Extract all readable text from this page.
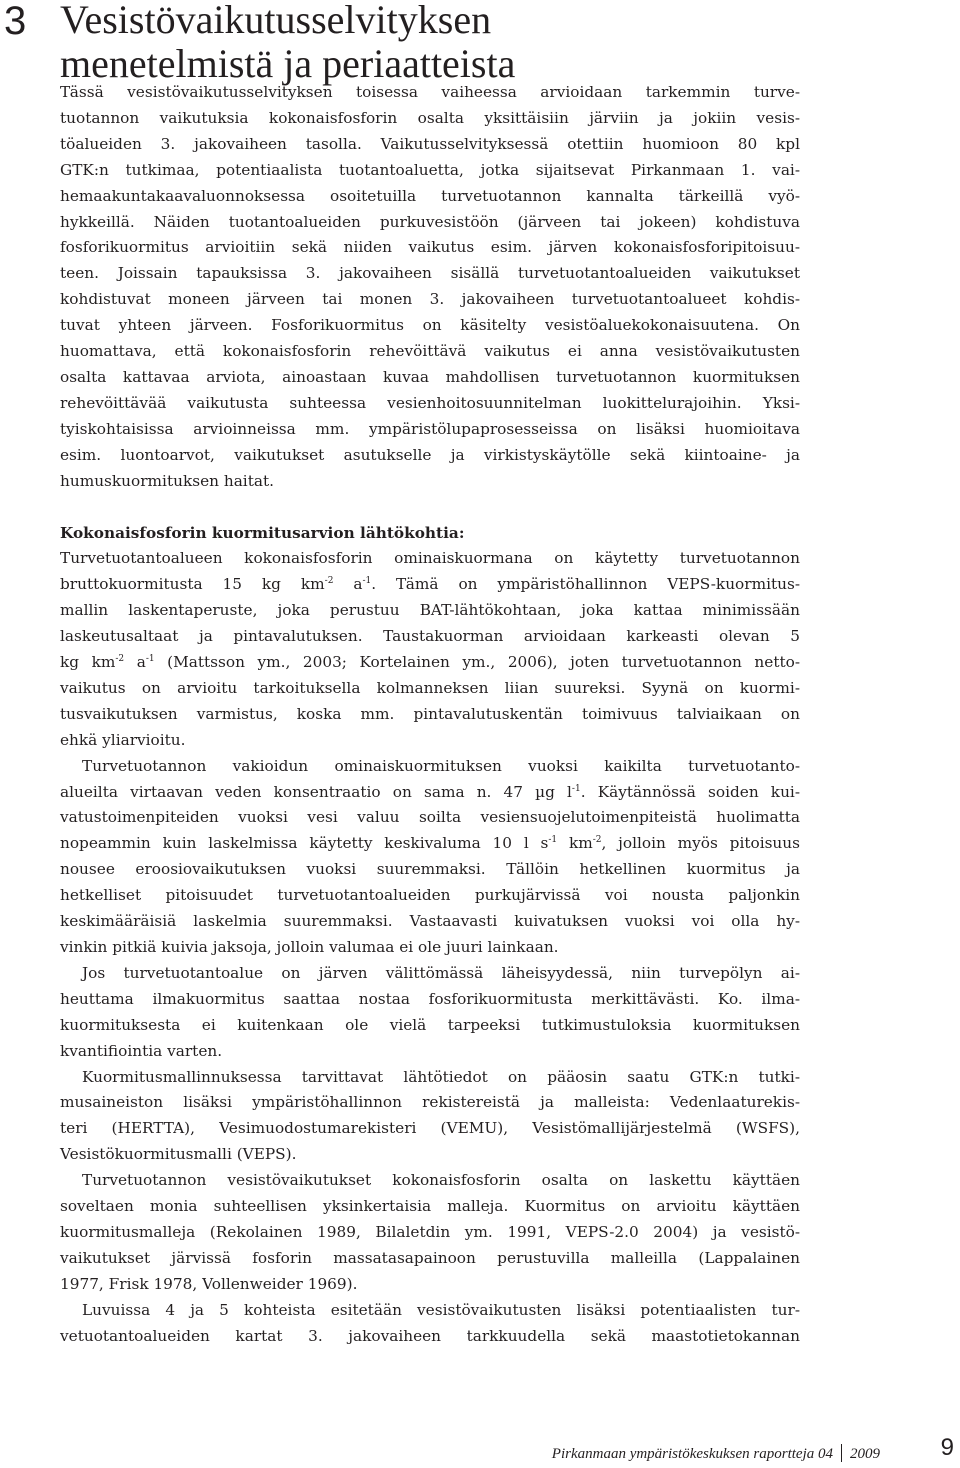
3 Vesistövaikutusselvityksen
menetelmistä ja periaatteista

Tässä vesistövaikutusselvityksen toisessa vaiheessa arvioidaan tarkemmin turve-
tuotannon vaikutuksia kokonaisfosforin osalta yksittäisiin järviin ja jokiin vesis-
töalueiden 3. jakovaiheen tasolla. Vaikutusselvityksessä otettiin huomioon 80 kpl
GTK:n tutkimaa, potentiaalista tuotantoaluetta, jotka sijaitsevat Pirkanmaan 1. vai-
hemaakuntakaavaluonnoksessa osoitetuilla turvetuotannon kannalta tärkeillä vyö-
hykkeillä. Näiden tuotantoalueiden purkuvesistöön (järveen tai jokeen) kohdistuva
fosforikuormitus arvioitiin sekä niiden vaikutus esim. järven kokonaisfosforipitoisuu-
teen. Joissain tapauksissa 3. jakovaiheen sisällä turvetuotantoalueiden vaikutukset
kohdistuvat moneen järveen tai monen 3. jakovaiheen turvetuotantoalueet kohdis-
tuvat yhteen järveen. Fosforikuormitus on käsitelty vesistöaluekokonaisuutena. On
huomattava, että kokonaisfosforin rehevöittävä vaikutus ei anna vesistövaikutusten
osalta kattavaa arviota, ainoastaan kuvaa mahdollisen turvetuotannon kuormituksen
rehevöittävää vaikutusta suhteessa vesienhoitosuunnitelman luokittelurajoihin. Yksi-
tyiskohtaisissa arvioinneissa mm. ympäristölupaprosesseissa on lisäksi huomioitava
esim. luontoarvot, vaikutukset asutukselle ja virkistyskäytölle sekä kiintoaine- ja
humuskuormituksen haitat.

Kokonaisfosforin kuormitusarvion lähtökohtia:

Turvetuotantoalueen kokonaisfosforin ominaiskuormana on käytetty turvetuotannon
bruttokuormitusta 15 kg $km^{-2}$ $a^{-1}$. Tämä on ympäristöhallinnon VEPS-kuormitus-
mallin laskentaperuste, joka perustuu BAT-lähtökohtaan, joka kattaa minimissään
laskeutusaltaat ja pintavalutuksen. Taustakuorman arvioidaan karkeasti olevan 5
kg $km^{-2}$ $a^{-1}$ (Mattsson ym., 2003; Kortelainen ym., 2006), joten turvetuotannon netto-
vaikutus on arvioitu tarkoituksella kolmanneksen liian suureksi. Syynä on kuormi-
tusvaikutuksen varmistus, koska mm. pintavalutuskentän toimivuus talviaikaan on
ehkä yliarvioitu.

Turvetuotannon vakioidun ominaiskuormituksen vuoksi kaikilta turvetuotanto-
alueilta virtaavan veden konsentraatio on sama n. 47 µg $l^{-1}$. Käytännössä soiden kui-
vatustoimenpiteiden vuoksi vesi valuu soilta vesiensuojelutoimenpiteistä huolimatta
nopeammin kuin laskelmissa käytetty keskivaluma 10 l $s^{-1}$ $km^{-2}$, jolloin myös pitoisuus
nousee eroosiovaikutuksen vuoksi suuremmaksi. Tällöin hetkellinen kuormitus ja
hetkelliset pitoisuudet turvetuotantoalueiden purkujärvissä voi nousta paljonkin
keskimääräisiä laskelmia suuremmaksi. Vastaavasti kuivatuksen vuoksi voi olla hy-
vinkin pitkiä kuivia jaksoja, jolloin valumaa ei ole juuri lainkaan.

Jos turvetuotantoalue on järven välittömässä läheisyydessä, niin turvepölyn ai-
heuttama ilmakuormitus saattaa nostaa fosforikuormitusta merkittävästi. Ko. ilma-
kuormituksesta ei kuitenkaan ole vielä tarpeeksi tutkimustuloksia kuormituksen
kvantifiointia varten.

Kuormitusmallinnuksessa tarvittavat lähtötiedot on pääosin saatu GTK:n tutki-
musaineiston lisäksi ympäristöhallinnon rekistereistä ja malleista: Vedenlaaturekis-
teri (HERTTA), Vesimuodostumarekisteri (VEMU), Vesistömallijärjestelmä (WSFS),
Vesistökuormitusmalli (VEPS).

Turvetuotannon vesistövaikutukset kokonaisfosforin osalta on laskettu käyttäen
soveltaen monia suhteellisen yksinkertaisia malleja. Kuormitus on arvioitu käyttäen
kuormitusmalleja (Rekolainen 1989, Bilaletdin ym. 1991, VEPS-2.0 2004) ja vesistö-
vaikutukset järvissä fosforin massatasapainoon perustuvilla malleilla (Lappalainen
1977, Frisk 1978, Vollenweider 1969).

Luvuissa 4 ja 5 kohteista esitetään vesistövaikutusten lisäksi potentiaalisten tur-
vetuotantoalueiden kartat 3. jakovaiheen tarkkuudella sekä maastotietokannan

Pirkanmaan ympäristökeskuksen raportteja 04 2009	9
